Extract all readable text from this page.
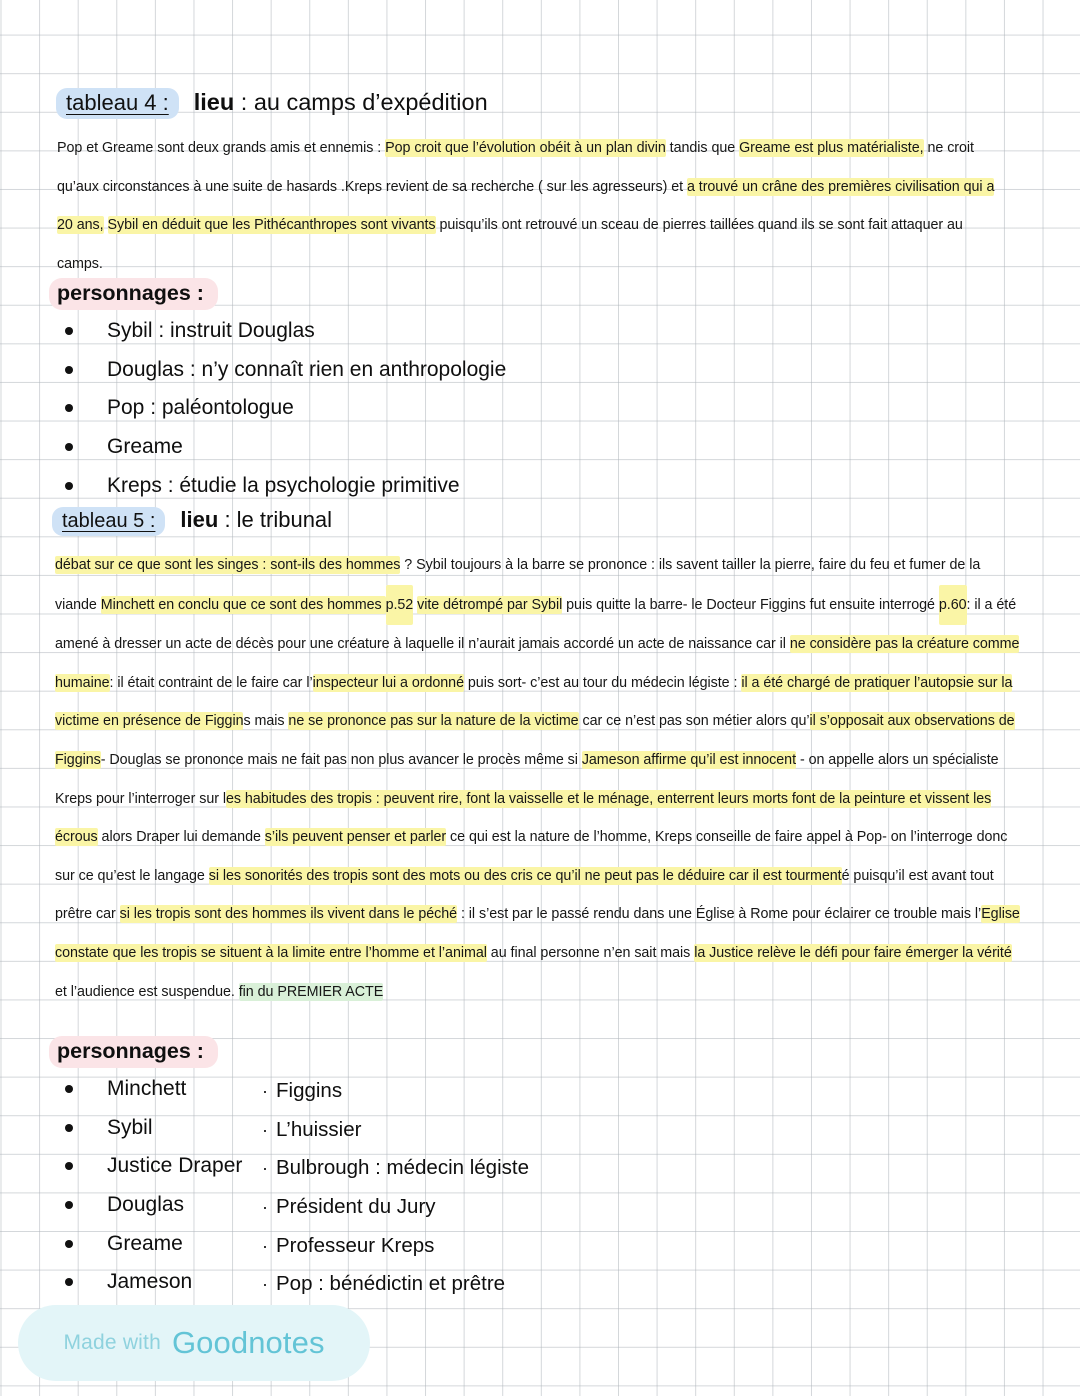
tableau 4 :	lieu : au camps d’expédition
Pop et Greame sont deux grands amis et ennemis : Pop croit que l’évolution obéit à un plan divin tandis que Greame est plus matérialiste, ne croit qu’aux circonstances à une suite de hasards .Kreps revient de sa recherche ( sur les agresseurs) et a trouvé un crâne des premières civilisation qui a 20 ans, Sybil en déduit que les Pithécanthropes sont vivants puisqu’ils ont retrouvé un sceau de pierres taillées quand ils se sont fait attaquer au camps.
personnages :
Sybil : instruit Douglas
Douglas : n’y connaît rien en anthropologie
Pop : paléontologue
Greame
Kreps : étudie la psychologie primitive
tableau 5 :	lieu : le tribunal
débat sur ce que sont les singes : sont-ils des hommes ? Sybil toujours à la barre se prononce : ils savent tailler la pierre, faire du feu et fumer de la viande Minchett en conclu que ce sont des hommes p.52 vite détrompé par Sybil puis quitte la barre- le Docteur Figgins fut ensuite interrogé p.60: il a été amené à dresser un acte de décès pour une créature à laquelle il n’aurait jamais accordé un acte de naissance car il ne considère pas la créature comme humaine: il était contraint de le faire car l’inspecteur lui a ordonné puis sort- c’est au tour du médecin légiste : il a été chargé de pratiquer l’autopsie sur la victime en présence de Figgins mais ne se prononce pas sur la nature de la victime car ce n’est pas son métier alors qu’il s’opposait aux observations de Figgins- Douglas se prononce mais ne fait pas non plus avancer le procès même si Jameson affirme qu’il est innocent - on appelle alors un spécialiste Kreps pour l’interroger sur les habitudes des tropis : peuvent rire, font la vaisselle et le ménage, enterrent leurs morts font de la peinture et vissent les écrous alors Draper lui demande s’ils peuvent penser et parler ce qui est la nature de l’homme, Kreps conseille de faire appel à Pop- on l’interroge donc sur ce qu’est le langage si les sonorités des tropis sont des mots ou des cris ce qu’il ne peut pas le déduire car il est tourmenté puisqu’il est avant tout prêtre car si les tropis sont des hommes ils vivent dans le péché : il s’est par le passé rendu dans une Église à Rome pour éclairer ce trouble mais l’Eglise constate que les tropis se situent à la limite entre l’homme et l’animal au final personne n’en sait mais la Justice relève le défi pour faire émerger la vérité et l’audience est suspendue. fin du PREMIER ACTE
personnages :
Minchett
Sybil
Justice Draper
Douglas
Greame
Jameson
· Figgins
· L’huissier
· Bulbrough : médecin légiste
· Président du Jury
· Professeur Kreps
· Pop : bénédictin et prêtre
Made with Goodnotes
